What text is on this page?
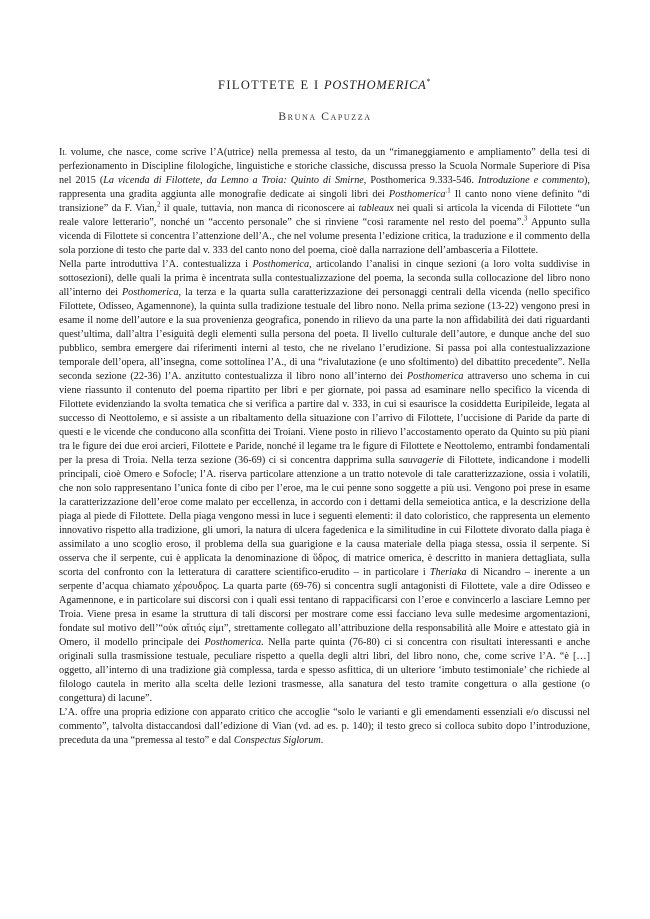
FILOTTETE E I POSTHOMERICA*
Bruna Capuzza

Il volume, che nasce, come scrive l’A(utrice) nella premessa al testo, da un “rimaneggiamento e ampliamento” della tesi di perfezionamento in Discipline filologiche, linguistiche e storiche classiche, discussa presso la Scuola Normale Superiore di Pisa nel 2015 (La vicenda di Filottete, da Lemno a Troia: Quinto di Smirne, Posthomerica 9.333-546. Introduzione e commento), rappresenta una gradita aggiunta alle monografie dedicate ai singoli libri dei Posthomerica$^{.1}$ Il canto nono viene definito “di transizione” da F. Vian,$^2$ il quale, tuttavia, non manca di riconoscere ai tableaux nei quali si articola la vicenda di Filottete “un reale valore letterario”, nonché un “accento personale” che si rinviene “così raramente nel resto del poema”.$^3$ Appunto sulla vicenda di Filottete si concentra l’attenzione dell’A., che nel volume presenta l’edizione critica, la traduzione e il commento della sola porzione di testo che parte dal v. 333 del canto nono del poema, cioè dalla narrazione dell’ambasceria a Filottete.

Nella parte introduttiva l’A. contestualizza i Posthomerica, articolando l’analisi in cinque sezioni (a loro volta suddivise in sottosezioni), delle quali la prima è incentrata sulla contestualizzazione del poema, la seconda sulla collocazione del libro nono all’interno dei Posthomerica, la terza e la quarta sulla caratterizzazione dei personaggi centrali della vicenda (nello specifico Filottete, Odisseo, Agamennone), la quinta sulla tradizione testuale del libro nono. Nella prima sezione (13-22) vengono presi in esame il nome dell’autore e la sua provenienza geografica, ponendo in rilievo da una parte la non affidabilità dei dati riguardanti quest’ultima, dall’altra l’esiguità degli elementi sulla persona del poeta. Il livello culturale dell’autore, e dunque anche del suo pubblico, sembra emergere dai riferimenti interni al testo, che ne rivelano l’erudizione. Si passa poi alla contestualizzazione temporale dell’opera, all’insegna, come sottolinea l’A., di una “rivalutazione (e uno sfoltimento) del dibattito precedente”. Nella seconda sezione (22-36) l’A. anzitutto contestualizza il libro nono all’interno dei Posthomerica attraverso uno schema in cui viene riassunto il contenuto del poema ripartito per libri e per giornate, poi passa ad esaminare nello specifico la vicenda di Filottete evidenziando la svolta tematica che si verifica a partire dal v. 333, in cui si esaurisce la cosiddetta Euripileide, legata al successo di Neottolemo, e si assiste a un ribaltamento della situazione con l’arrivo di Filottete, l’uccisione di Paride da parte di questi e le vicende che conducono alla sconfitta dei Troiani. Viene posto in rilievo l’accostamento operato da Quinto su più piani tra le figure dei due eroi arcieri, Filottete e Paride, nonché il legame tra le figure di Filottete e Neottolemo, entrambi fondamentali per la presa di Troia. Nella terza sezione (36-69) ci si concentra dapprima sulla sauvagerie di Filottete, indicandone i modelli principali, cioè Omero e Sofocle; l’A. riserva particolare attenzione a un tratto notevole di tale caratterizzazione, ossia i volatili, che non solo rappresentano l’unica fonte di cibo per l’eroe, ma le cui penne sono soggette a più usi. Vengono poi prese in esame la caratterizzazione dell’eroe come malato per eccellenza, in accordo con i dettami della semeiotica antica, e la descrizione della piaga al piede di Filottete. Della piaga vengono messi in luce i seguenti elementi: il dato coloristico, che rappresenta un elemento innovativo rispetto alla tradizione, gli umori, la natura di ulcera fagedenica e la similitudine in cui Filottete divorato dalla piaga è assimilato a uno scoglio eroso, il problema della sua guarigione e la causa materiale della piaga stessa, ossia il serpente. Si osserva che il serpente, cui è applicata la denominazione di ὕδρος, di matrice omerica, è descritto in maniera dettagliata, sulla scorta del confronto con la letteratura di carattere scientifico-erudito – in particolare i Theriaka di Nicandro – inerente a un serpente d’acqua chiamato χέρσυδρος. La quarta parte (69-76) si concentra sugli antagonisti di Filottete, vale a dire Odisseo e Agamennone, e in particolare sui discorsi con i quali essi tentano di rappacificarsi con l’eroe e convincerlo a lasciare Lemno per Troia. Viene presa in esame la struttura di tali discorsi per mostrare come essi facciano leva sulle medesime argomentazioni, fondate sul motivo dell’“οὐκ αἴτιός εἰμι”, strettamente collegato all’attribuzione della responsabilità alle Moire e attestato già in Omero, il modello principale dei Posthomerica. Nella parte quinta (76-80) ci si concentra con risultati interessanti e anche originali sulla trasmissione testuale, peculiare rispetto a quella degli altri libri, del libro nono, che, come scrive l’A. “è […] oggetto, all’interno di una tradizione già complessa, tarda e spesso asfittica, di un ulteriore ‘imbuto testimoniale’ che richiede al filologo cautela in merito alla scelta delle lezioni trasmesse, alla sanatura del testo tramite congettura o alla gestione (o congettura) di lacune”.

L’A. offre una propria edizione con apparato critico che accoglie “solo le varianti e gli emendamenti essenziali e/o discussi nel commento”, talvolta distaccandosi dall’edizione di Vian (vd. ad es. p. 140); il testo greco si colloca subito dopo l’introduzione, preceduta da una “premessa al testo” e dal Conspectus Siglorum.
